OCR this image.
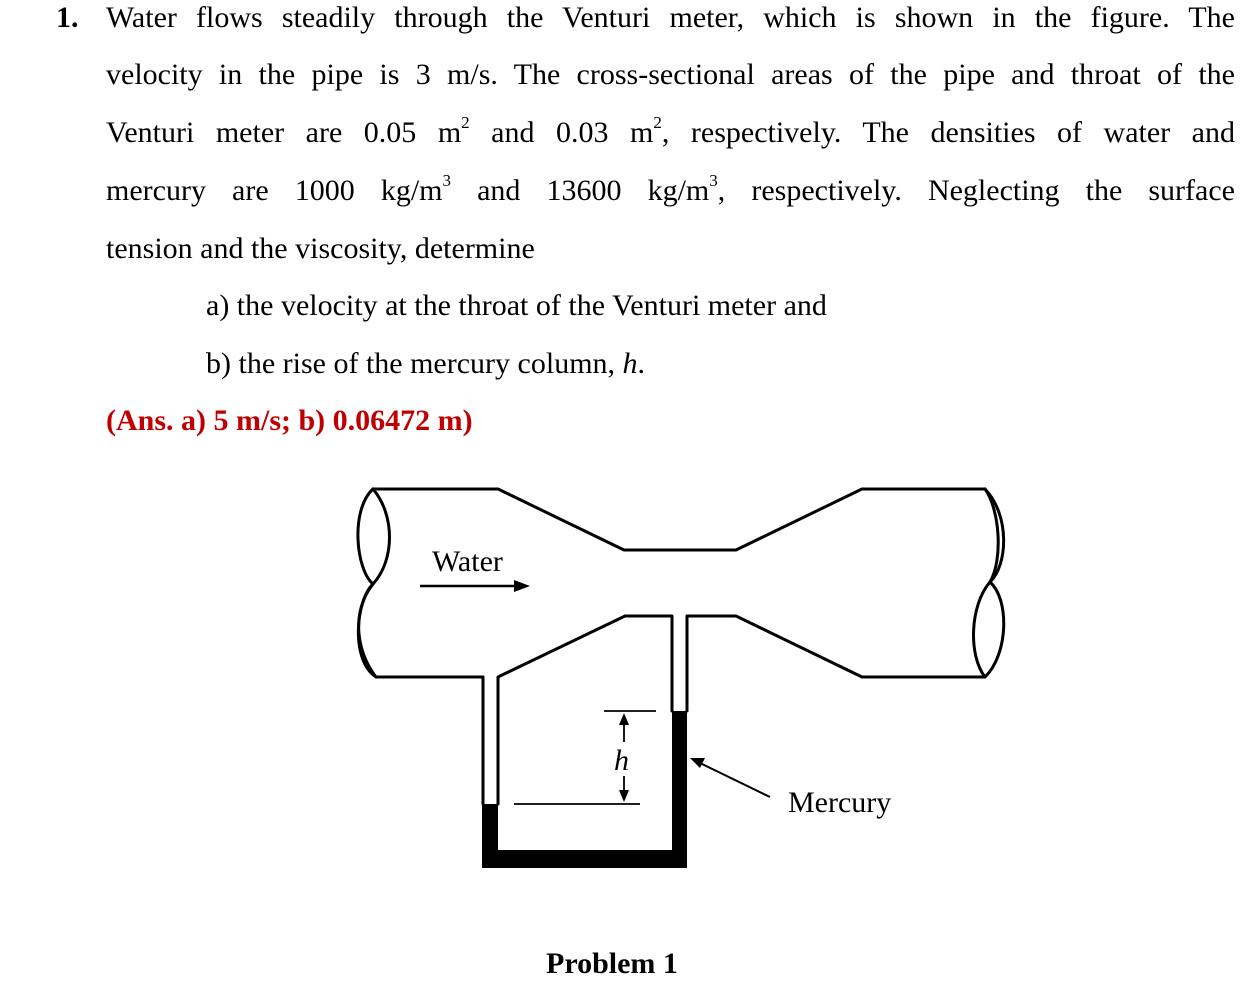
1. Water flows steadily through the Venturi meter, which is shown in the figure. The
velocity in the pipe is 3 m/s. The cross-sectional areas of the pipe and throat of the
Venturi meter are 0.05 $m^2$ and 0.03 $m^2$, respectively. The densities of water and
mercury are 1000 $kg/m^3$ and 13600 $kg/m^3$, respectively. Neglecting the surface
tension and the viscosity, determine
a) the velocity at the throat of the Venturi meter and
b) the rise of the mercury column, h.
(Ans. a) 5 m/s; b) 0.06472 m)
Water
h
Mercury
Problem 1
